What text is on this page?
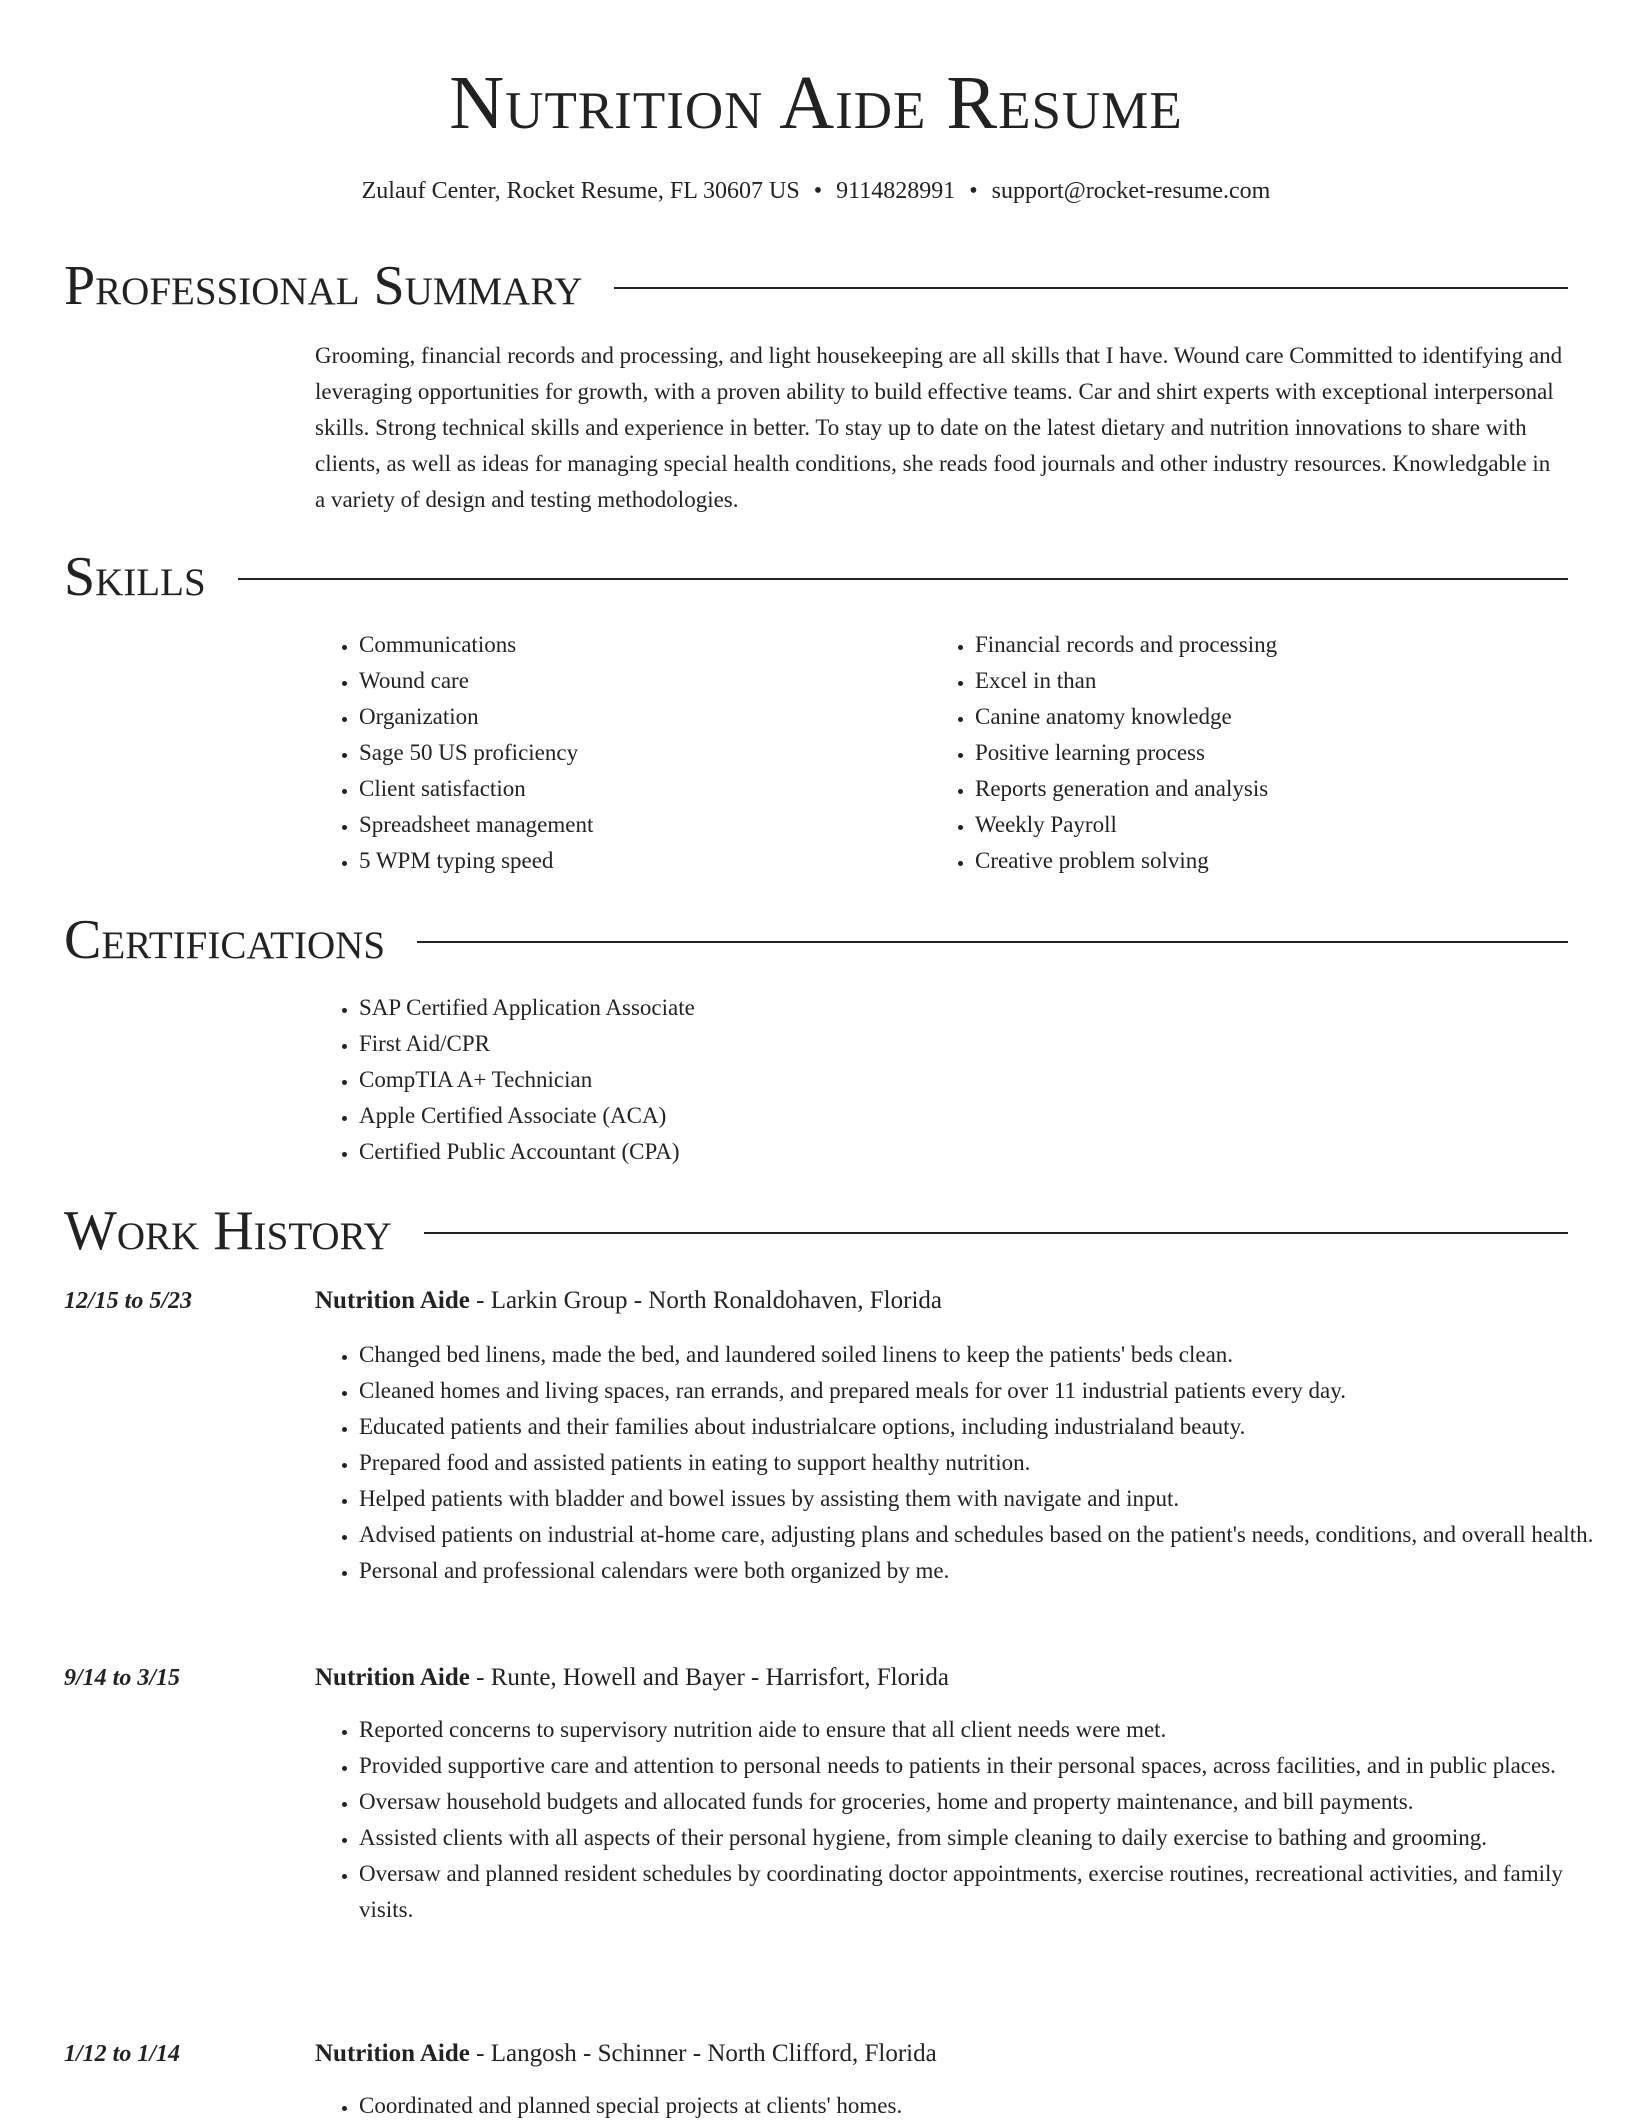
Nutrition Aide Resume
Zulauf Center, Rocket Resume, FL 30607 US • 9114828991 • support@rocket-resume.com
Professional Summary

Grooming, financial records and processing, and light housekeeping are all skills that I have. Wound care Committed to identifying and leveraging opportunities for growth, with a proven ability to build effective teams. Car and shirt experts with exceptional interpersonal skills. Strong technical skills and experience in better. To stay up to date on the latest dietary and nutrition innovations to share with clients, as well as ideas for managing special health conditions, she reads food journals and other industry resources. Knowledgable in a variety of design and testing methodologies.

Skills
• Communications
• Wound care
• Organization
• Sage 50 US proficiency
• Client satisfaction
• Spreadsheet management
• 5 WPM typing speed
• Financial records and processing
• Excel in than
• Canine anatomy knowledge
• Positive learning process
• Reports generation and analysis
• Weekly Payroll
• Creative problem solving
Certifications
• SAP Certified Application Associate
• First Aid/CPR
• CompTIA A+ Technician
• Apple Certified Associate (ACA)
• Certified Public Accountant (CPA)
Work History
12/15 to 5/23	Nutrition Aide - Larkin Group - North Ronaldohaven, Florida
• Changed bed linens, made the bed, and laundered soiled linens to keep the patients' beds clean.
• Cleaned homes and living spaces, ran errands, and prepared meals for over 11 industrial patients every day.
• Educated patients and their families about industrialcare options, including industrialand beauty.
• Prepared food and assisted patients in eating to support healthy nutrition.
• Helped patients with bladder and bowel issues by assisting them with navigate and input.
• Advised patients on industrial at-home care, adjusting plans and schedules based on the patient's needs, conditions, and overall health.
• Personal and professional calendars were both organized by me.
9/14 to 3/15	Nutrition Aide - Runte, Howell and Bayer - Harrisfort, Florida
• Reported concerns to supervisory nutrition aide to ensure that all client needs were met.
• Provided supportive care and attention to personal needs to patients in their personal spaces, across facilities, and in public places.
• Oversaw household budgets and allocated funds for groceries, home and property maintenance, and bill payments.
• Assisted clients with all aspects of their personal hygiene, from simple cleaning to daily exercise to bathing and grooming.
• Oversaw and planned resident schedules by coordinating doctor appointments, exercise routines, recreational activities, and family visits.
1/12 to 1/14	Nutrition Aide - Langosh - Schinner - North Clifford, Florida
• Coordinated and planned special projects at clients' homes.
